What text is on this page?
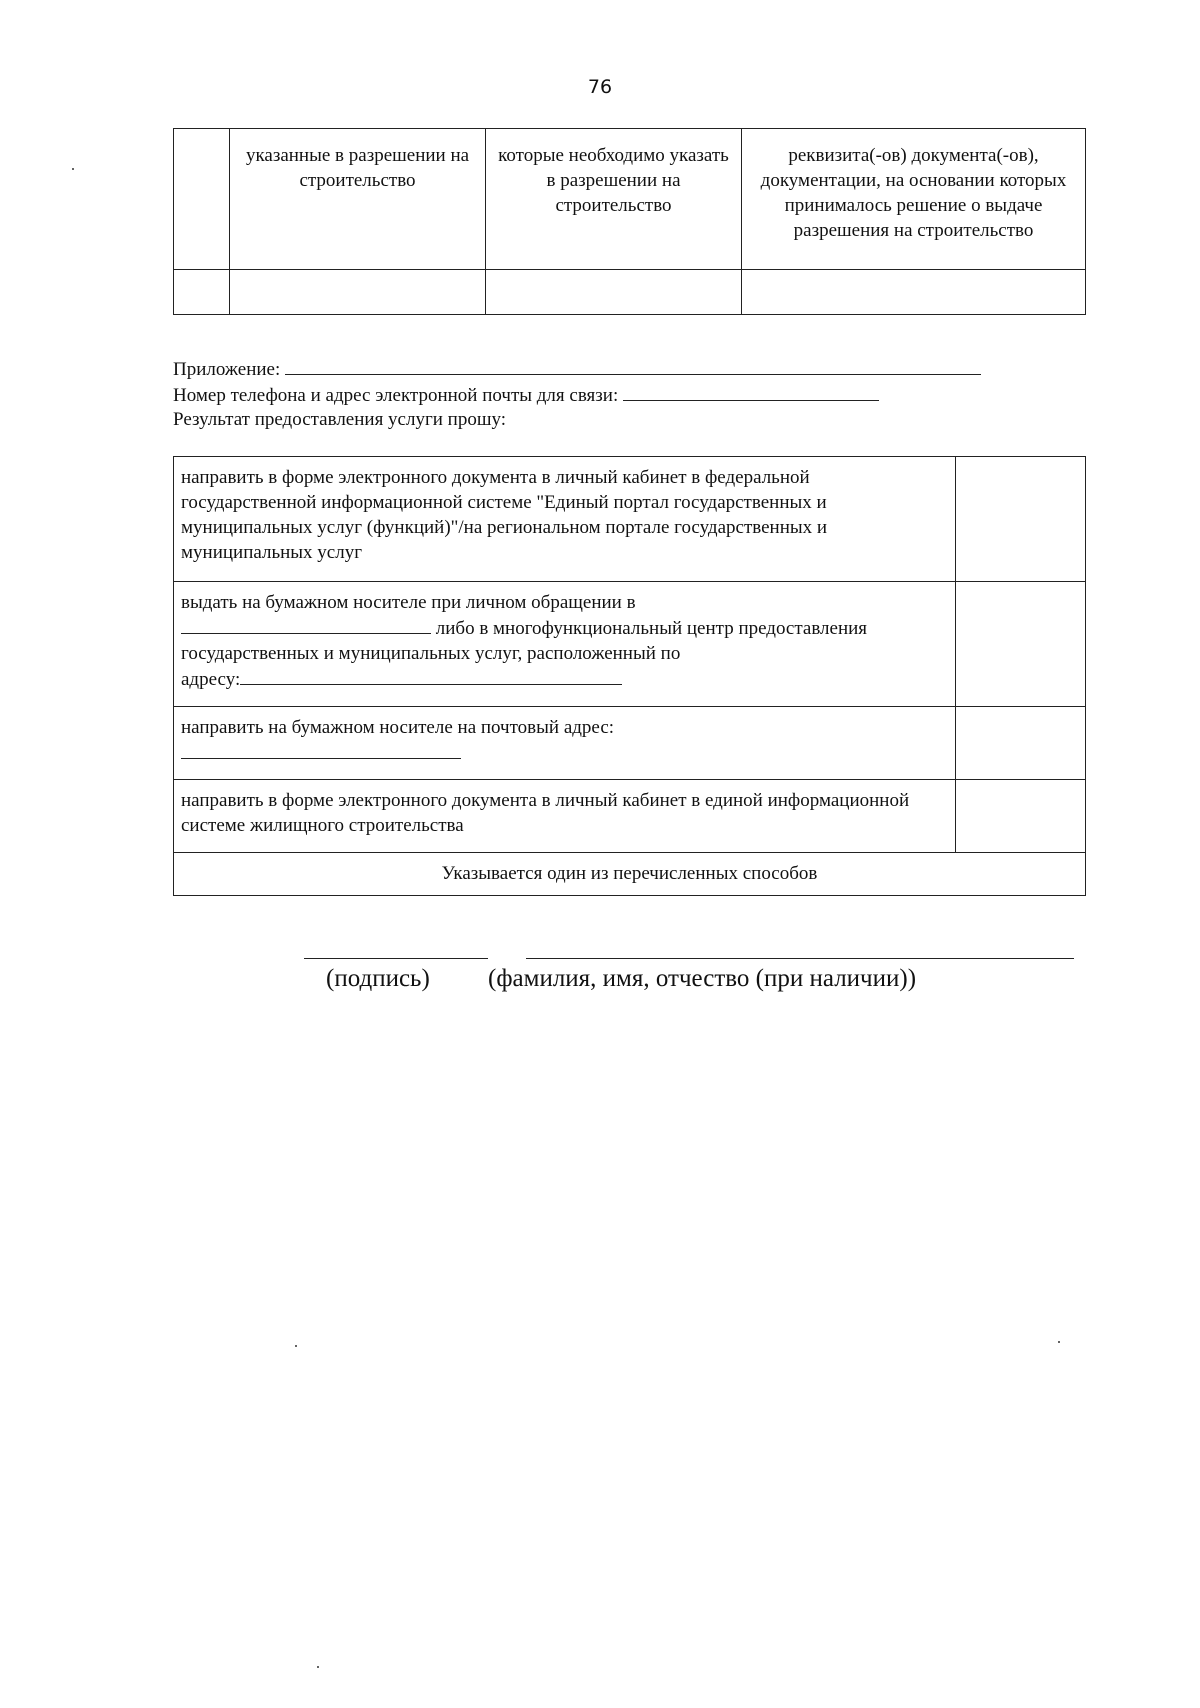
76
	указанные в разрешении на строительство	которые необходимо указать в разрешении на строительство	реквизита(-ов) документа(-ов), документации, на основании которых принималось решение о выдаче разрешения на строительство

Приложение:
Номер телефона и адрес электронной почты для связи:
Результат предоставления услуги прошу:
направить в форме электронного документа в личный кабинет в федеральной государственной информационной системе "Единый портал государственных и муниципальных услуг (функций)"/на региональном портале государственных и муниципальных услуг	

выдать на бумажном носителе при личном обращении в
либо в многофункциональный центр предоставления
государственных и муниципальных услуг, расположенный по
адресу:	

направить на бумажном носителе на почтовый адрес:	

направить в форме электронного документа в личный кабинет в единой информационной системе жилищного строительства	
Указывается один из перечисленных способов	
(подпись) (фамилия, имя, отчество (при наличии))
